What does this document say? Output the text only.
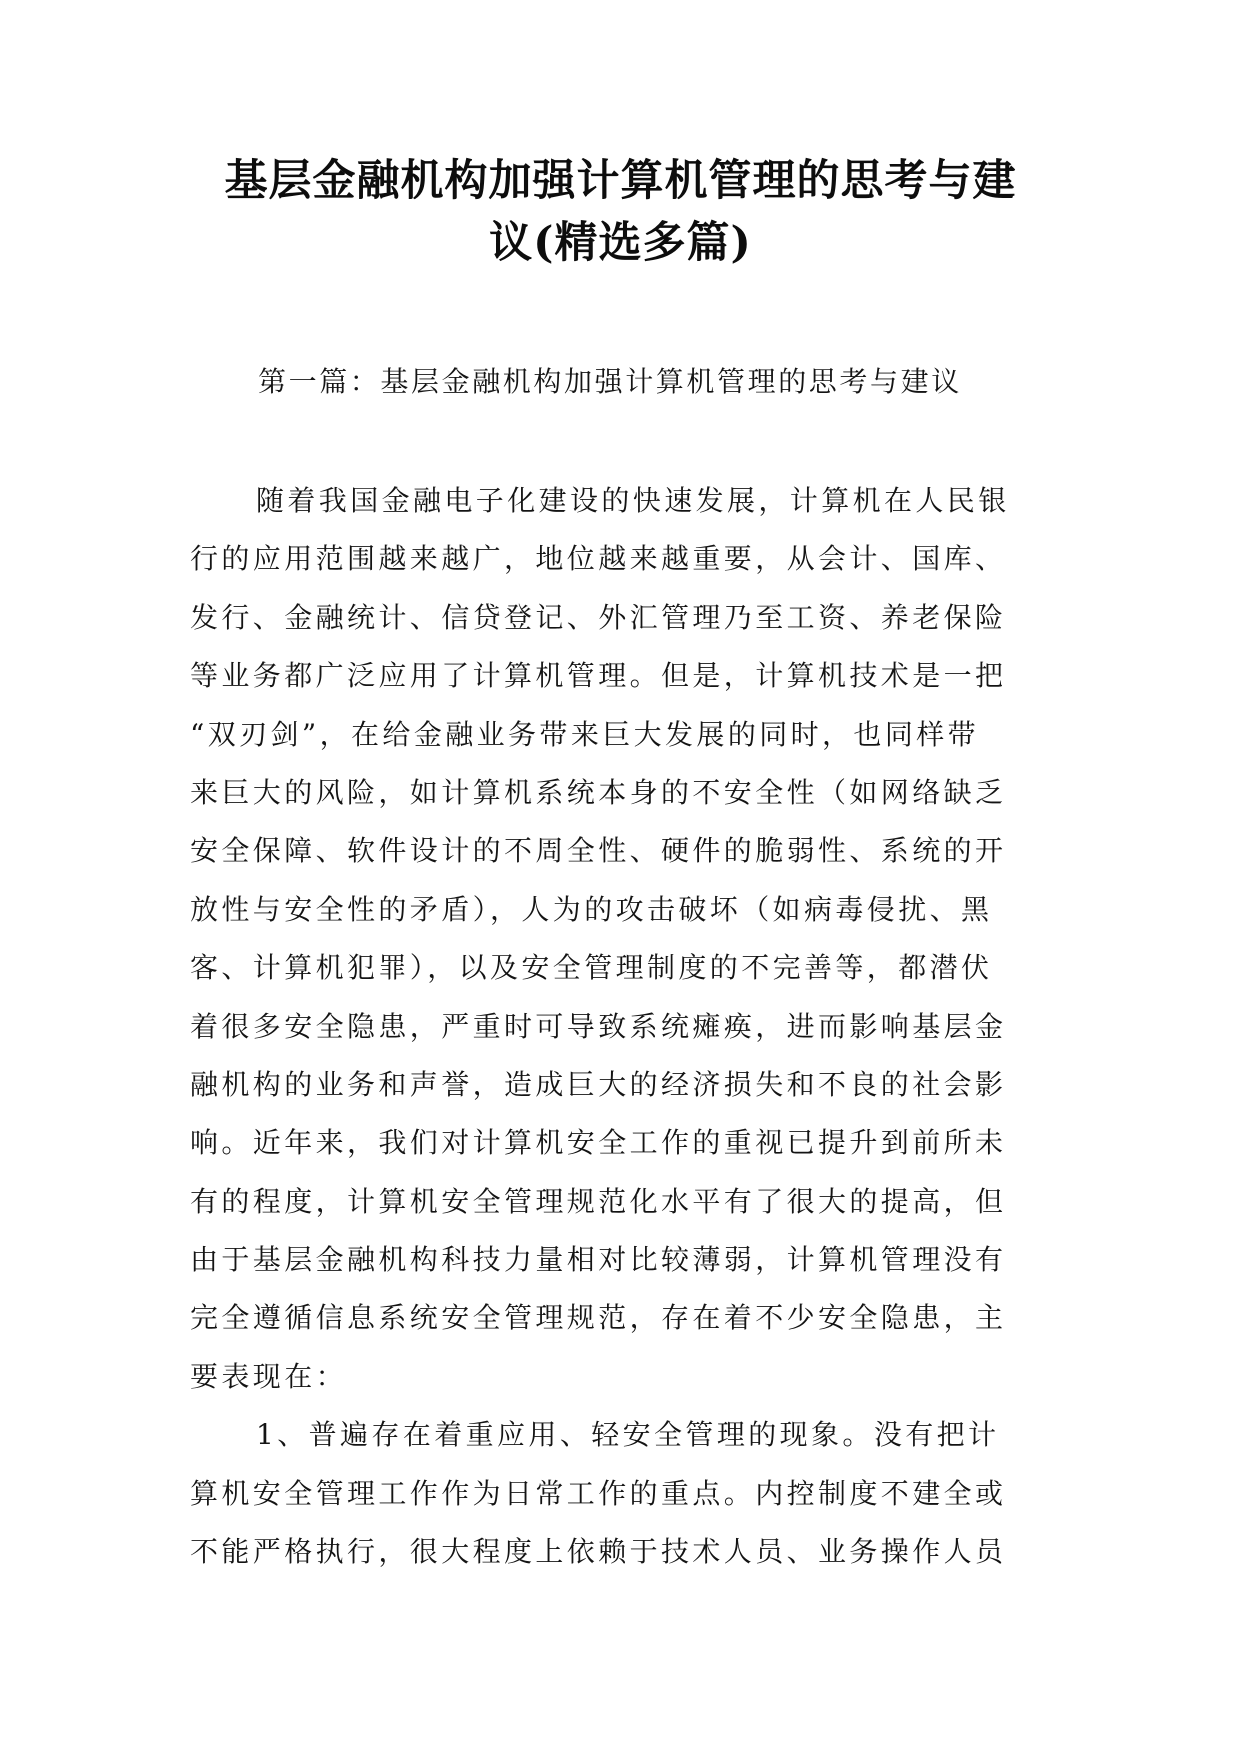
基层金融机构加强计算机管理的思考与建
议(精选多篇)

第一篇：基层金融机构加强计算机管理的思考与建议

随着我国金融电子化建设的快速发展，计算机在人民银
行的应用范围越来越广，地位越来越重要，从会计、国库、
发行、金融统计、信贷登记、外汇管理乃至工资、养老保险
等业务都广泛应用了计算机管理。但是，计算机技术是一把
“双刃剑”，在给金融业务带来巨大发展的同时，也同样带
来巨大的风险，如计算机系统本身的不安全性（如网络缺乏
安全保障、软件设计的不周全性、硬件的脆弱性、系统的开
放性与安全性的矛盾），人为的攻击破坏（如病毒侵扰、黑
客、计算机犯罪），以及安全管理制度的不完善等，都潜伏
着很多安全隐患，严重时可导致系统瘫痪，进而影响基层金
融机构的业务和声誉，造成巨大的经济损失和不良的社会影
响。近年来，我们对计算机安全工作的重视已提升到前所未
有的程度，计算机安全管理规范化水平有了很大的提高，但
由于基层金融机构科技力量相对比较薄弱，计算机管理没有
完全遵循信息系统安全管理规范，存在着不少安全隐患，主
要表现在：
1、普遍存在着重应用、轻安全管理的现象。没有把计
算机安全管理工作作为日常工作的重点。内控制度不建全或
不能严格执行，很大程度上依赖于技术人员、业务操作人员
